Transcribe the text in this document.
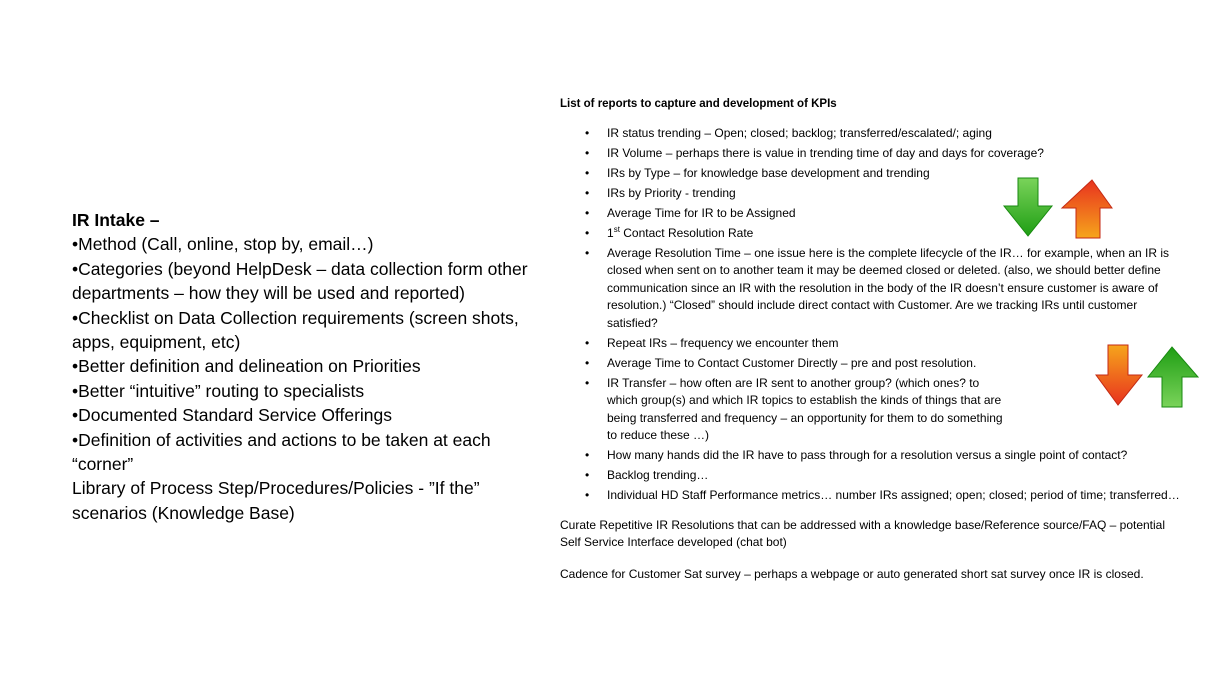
IR Intake –
•Method (Call, online, stop by, email…)
•Categories (beyond HelpDesk – data collection form other departments – how they will be used and reported)
•Checklist on Data Collection requirements (screen shots, apps, equipment, etc)
•Better definition and delineation on Priorities
•Better “intuitive” routing to specialists
•Documented Standard Service Offerings
•Definition of activities and actions to be taken at each “corner”
Library of Process Step/Procedures/Policies - ”If the” scenarios (Knowledge Base)
List of reports to capture and development of KPIs
• IR status trending – Open; closed; backlog; transferred/escalated/; aging
• IR Volume – perhaps there is value in trending time of day and days for coverage?
• IRs by Type – for knowledge base development and trending
• IRs by Priority - trending
• Average Time for IR to be Assigned
• 1st Contact Resolution Rate
• Average Resolution Time – one issue here is the complete lifecycle of the IR… for example, when an IR is closed when sent on to another team it may be deemed closed or deleted. (also, we should better define communication since an IR with the resolution in the body of the IR doesn’t ensure customer is aware of resolution.) “Closed” should include direct contact with Customer. Are we tracking IRs until customer satisfied?
• Repeat IRs – frequency we encounter them
• Average Time to Contact Customer Directly – pre and post resolution.
• IR Transfer – how often are IR sent to another group? (which ones? to which group(s) and which IR topics to establish the kinds of things that are being transferred and frequency – an opportunity for them to do something to reduce these …)
• How many hands did the IR have to pass through for a resolution versus a single point of contact?
• Backlog trending…
• Individual HD Staff Performance metrics… number IRs assigned; open; closed; period of time; transferred…

Curate Repetitive IR Resolutions that can be addressed with a knowledge base/Reference source/FAQ – potential Self Service Interface developed (chat bot)

Cadence for Customer Sat survey – perhaps a webpage or auto generated short sat survey once IR is closed.
